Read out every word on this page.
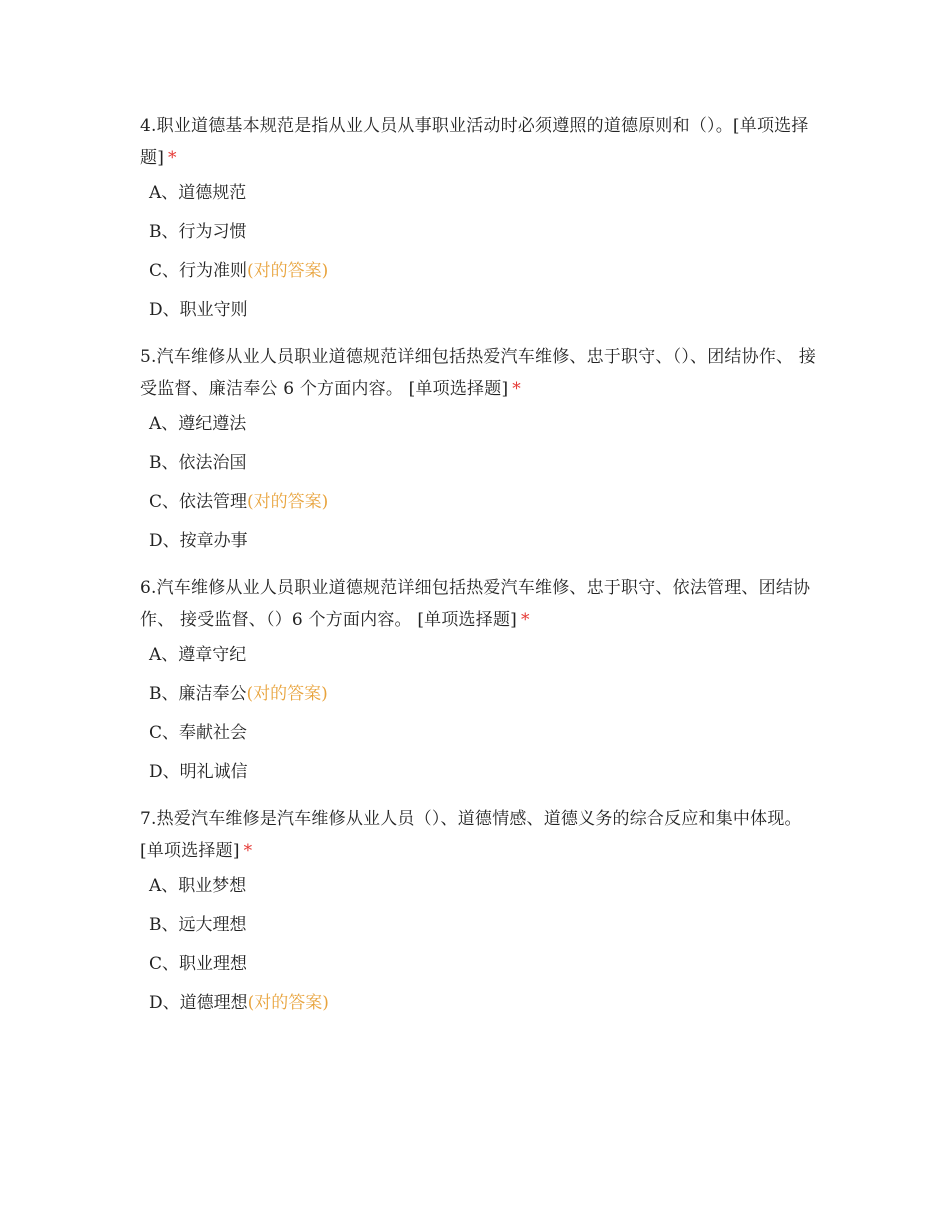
4.职业道德基本规范是指从业人员从事职业活动时必须遵照的道德原则和（）。[单项选择题] *

A、道德规范
B、行为习惯
C、行为准则(对的答案)
D、职业守则

5.汽车维修从业人员职业道德规范详细包括热爱汽车维修、忠于职守、（）、团结协作、 接受监督、廉洁奉公 6 个方面内容。 [单项选择题] *

A、遵纪遵法
B、依法治国
C、依法管理(对的答案)
D、按章办事

6.汽车维修从业人员职业道德规范详细包括热爱汽车维修、忠于职守、依法管理、团结协作、 接受监督、（）6 个方面内容。 [单项选择题] *

A、遵章守纪
B、廉洁奉公(对的答案)
C、奉献社会
D、明礼诚信

7.热爱汽车维修是汽车维修从业人员（）、道德情感、道德义务的综合反应和集中体现。 [单项选择题] *

A、职业梦想
B、远大理想
C、职业理想
D、道德理想(对的答案)
